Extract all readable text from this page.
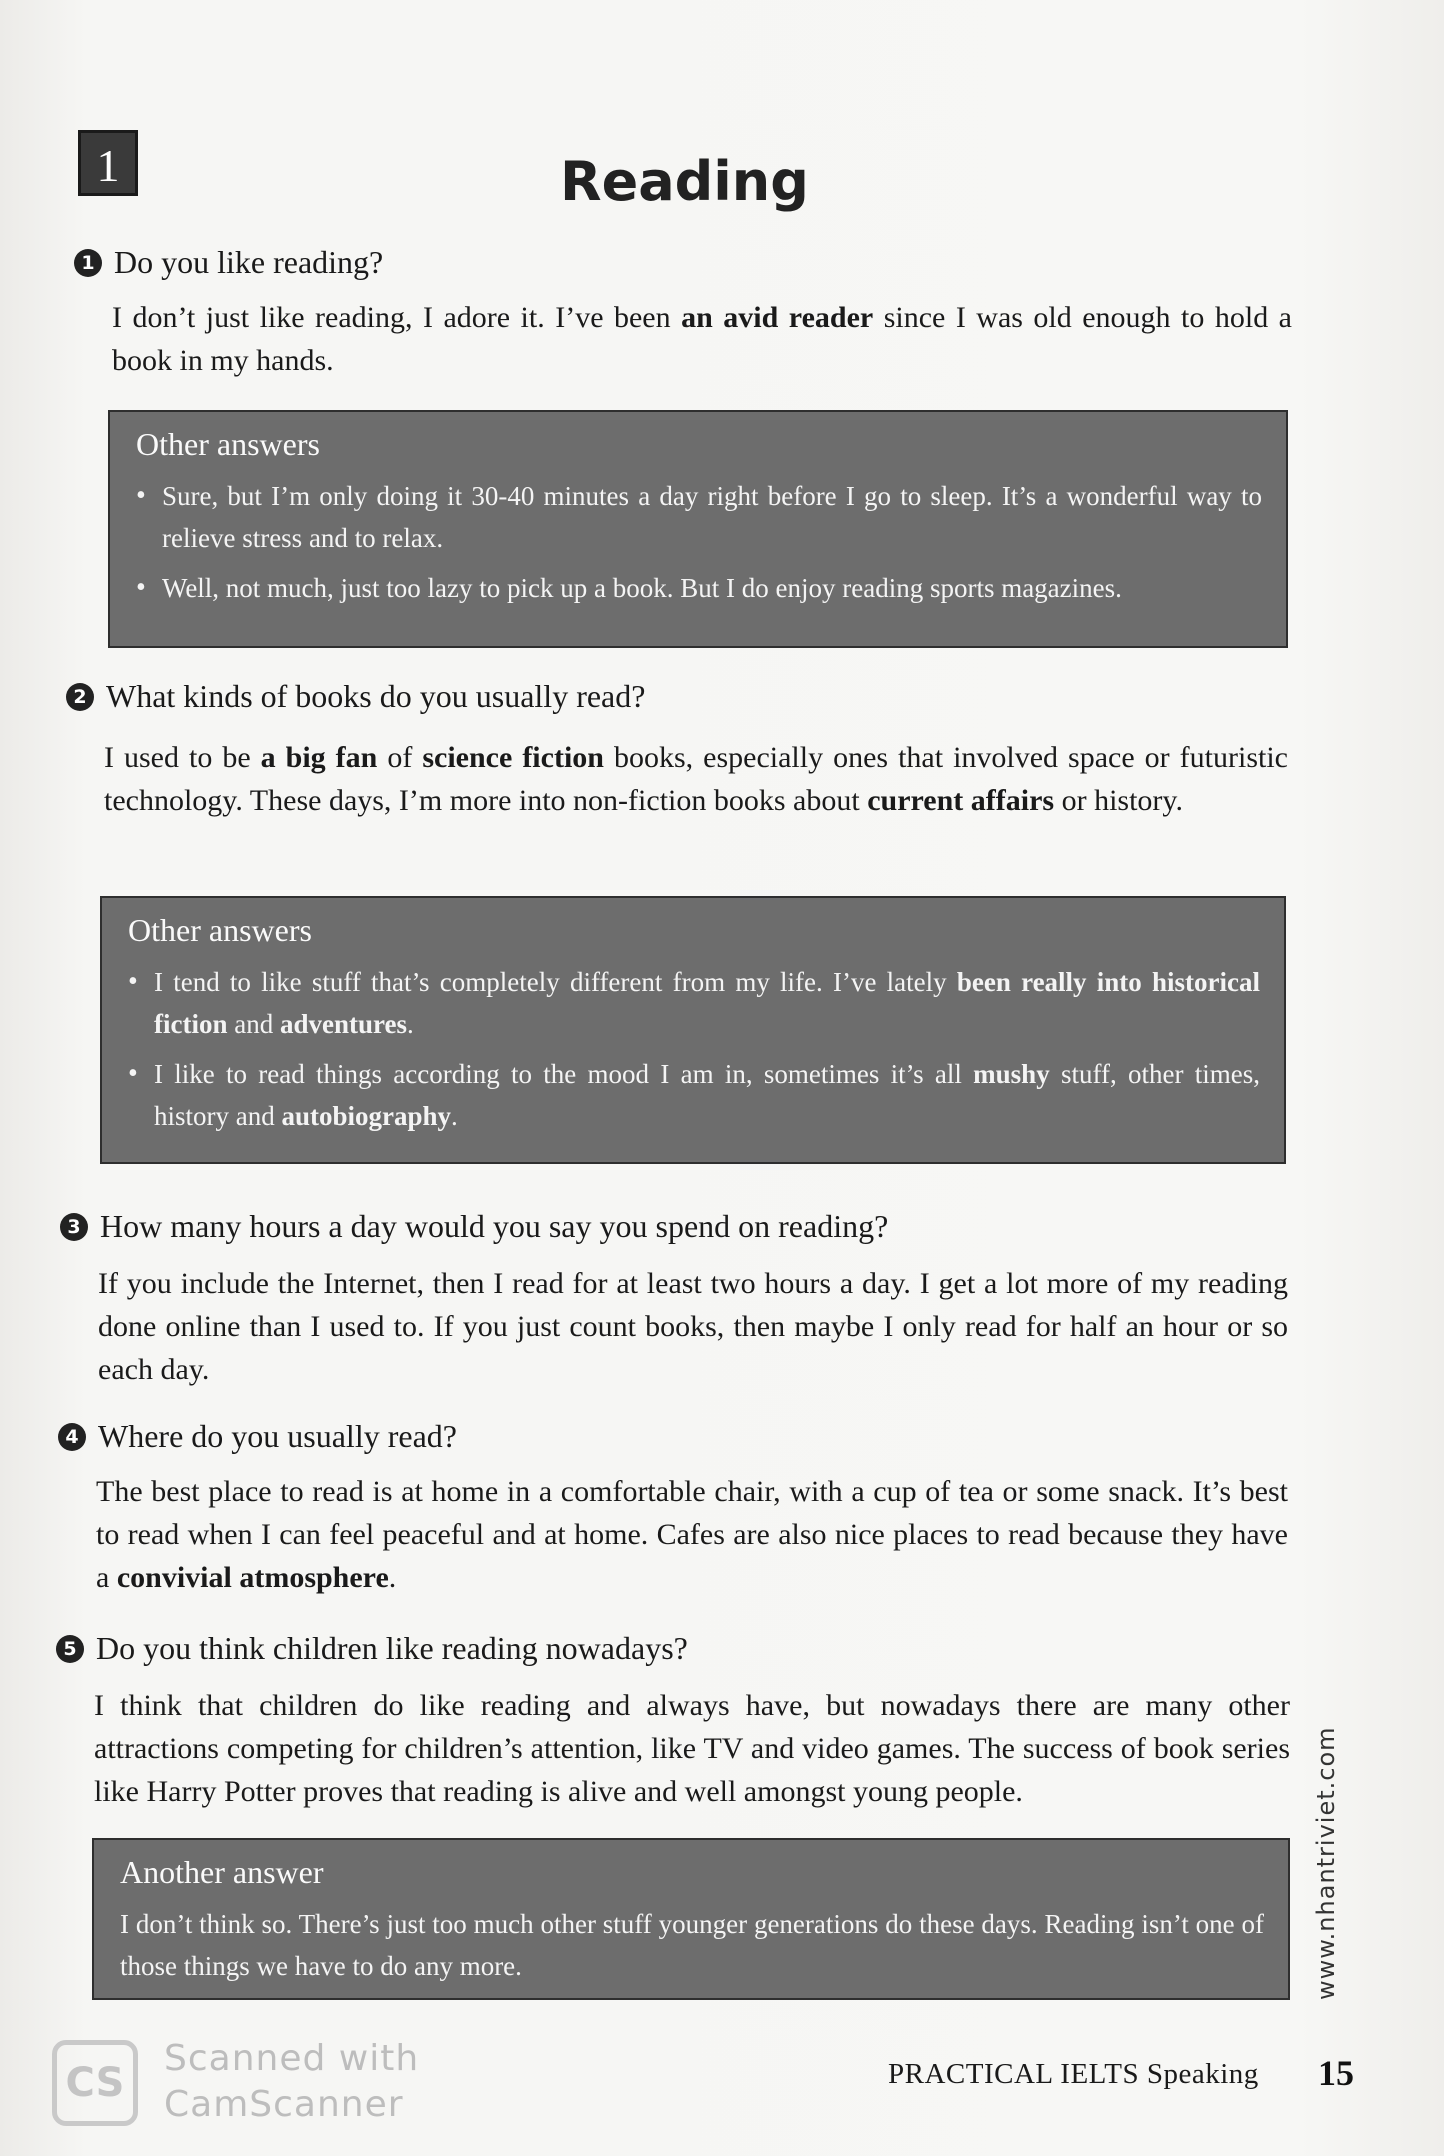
1	Reading
1 Do you like reading?

I don’t just like reading, I adore it. I’ve been an avid reader since I was old enough to hold a book in my hands.

Other answers
• Sure, but I’m only doing it 30-40 minutes a day right before I go to sleep. It’s a wonderful way to relieve stress and to relax.
• Well, not much, just too lazy to pick up a book. But I do enjoy reading sports magazines.
2 What kinds of books do you usually read?

I used to be a big fan of science fiction books, especially ones that involved space or futuristic technology. These days, I’m more into non-fiction books about current affairs or history.

Other answers
• I tend to like stuff that’s completely different from my life. I’ve lately been really into historical fiction and adventures.
• I like to read things according to the mood I am in, sometimes it’s all mushy stuff, other times, history and autobiography.
3 How many hours a day would you say you spend on reading?

If you include the Internet, then I read for at least two hours a day. I get a lot more of my reading done online than I used to. If you just count books, then maybe I only read for half an hour or so each day.

4 Where do you usually read?

The best place to read is at home in a comfortable chair, with a cup of tea or some snack. It’s best to read when I can feel peaceful and at home. Cafes are also nice places to read because they have a convivial atmosphere.

5 Do you think children like reading nowadays?

I think that children do like reading and always have, but nowadays there are many other attractions competing for children’s attention, like TV and video games. The success of book series like Harry Potter proves that reading is alive and well amongst young people.

Another answer
I don’t think so. There’s just too much other stuff younger generations do these days. Reading isn’t one of those things we have to do any more.	www.nhantriviet.com
CS
Scanned with
CamScanner
PRACTICAL IELTS Speaking 15
